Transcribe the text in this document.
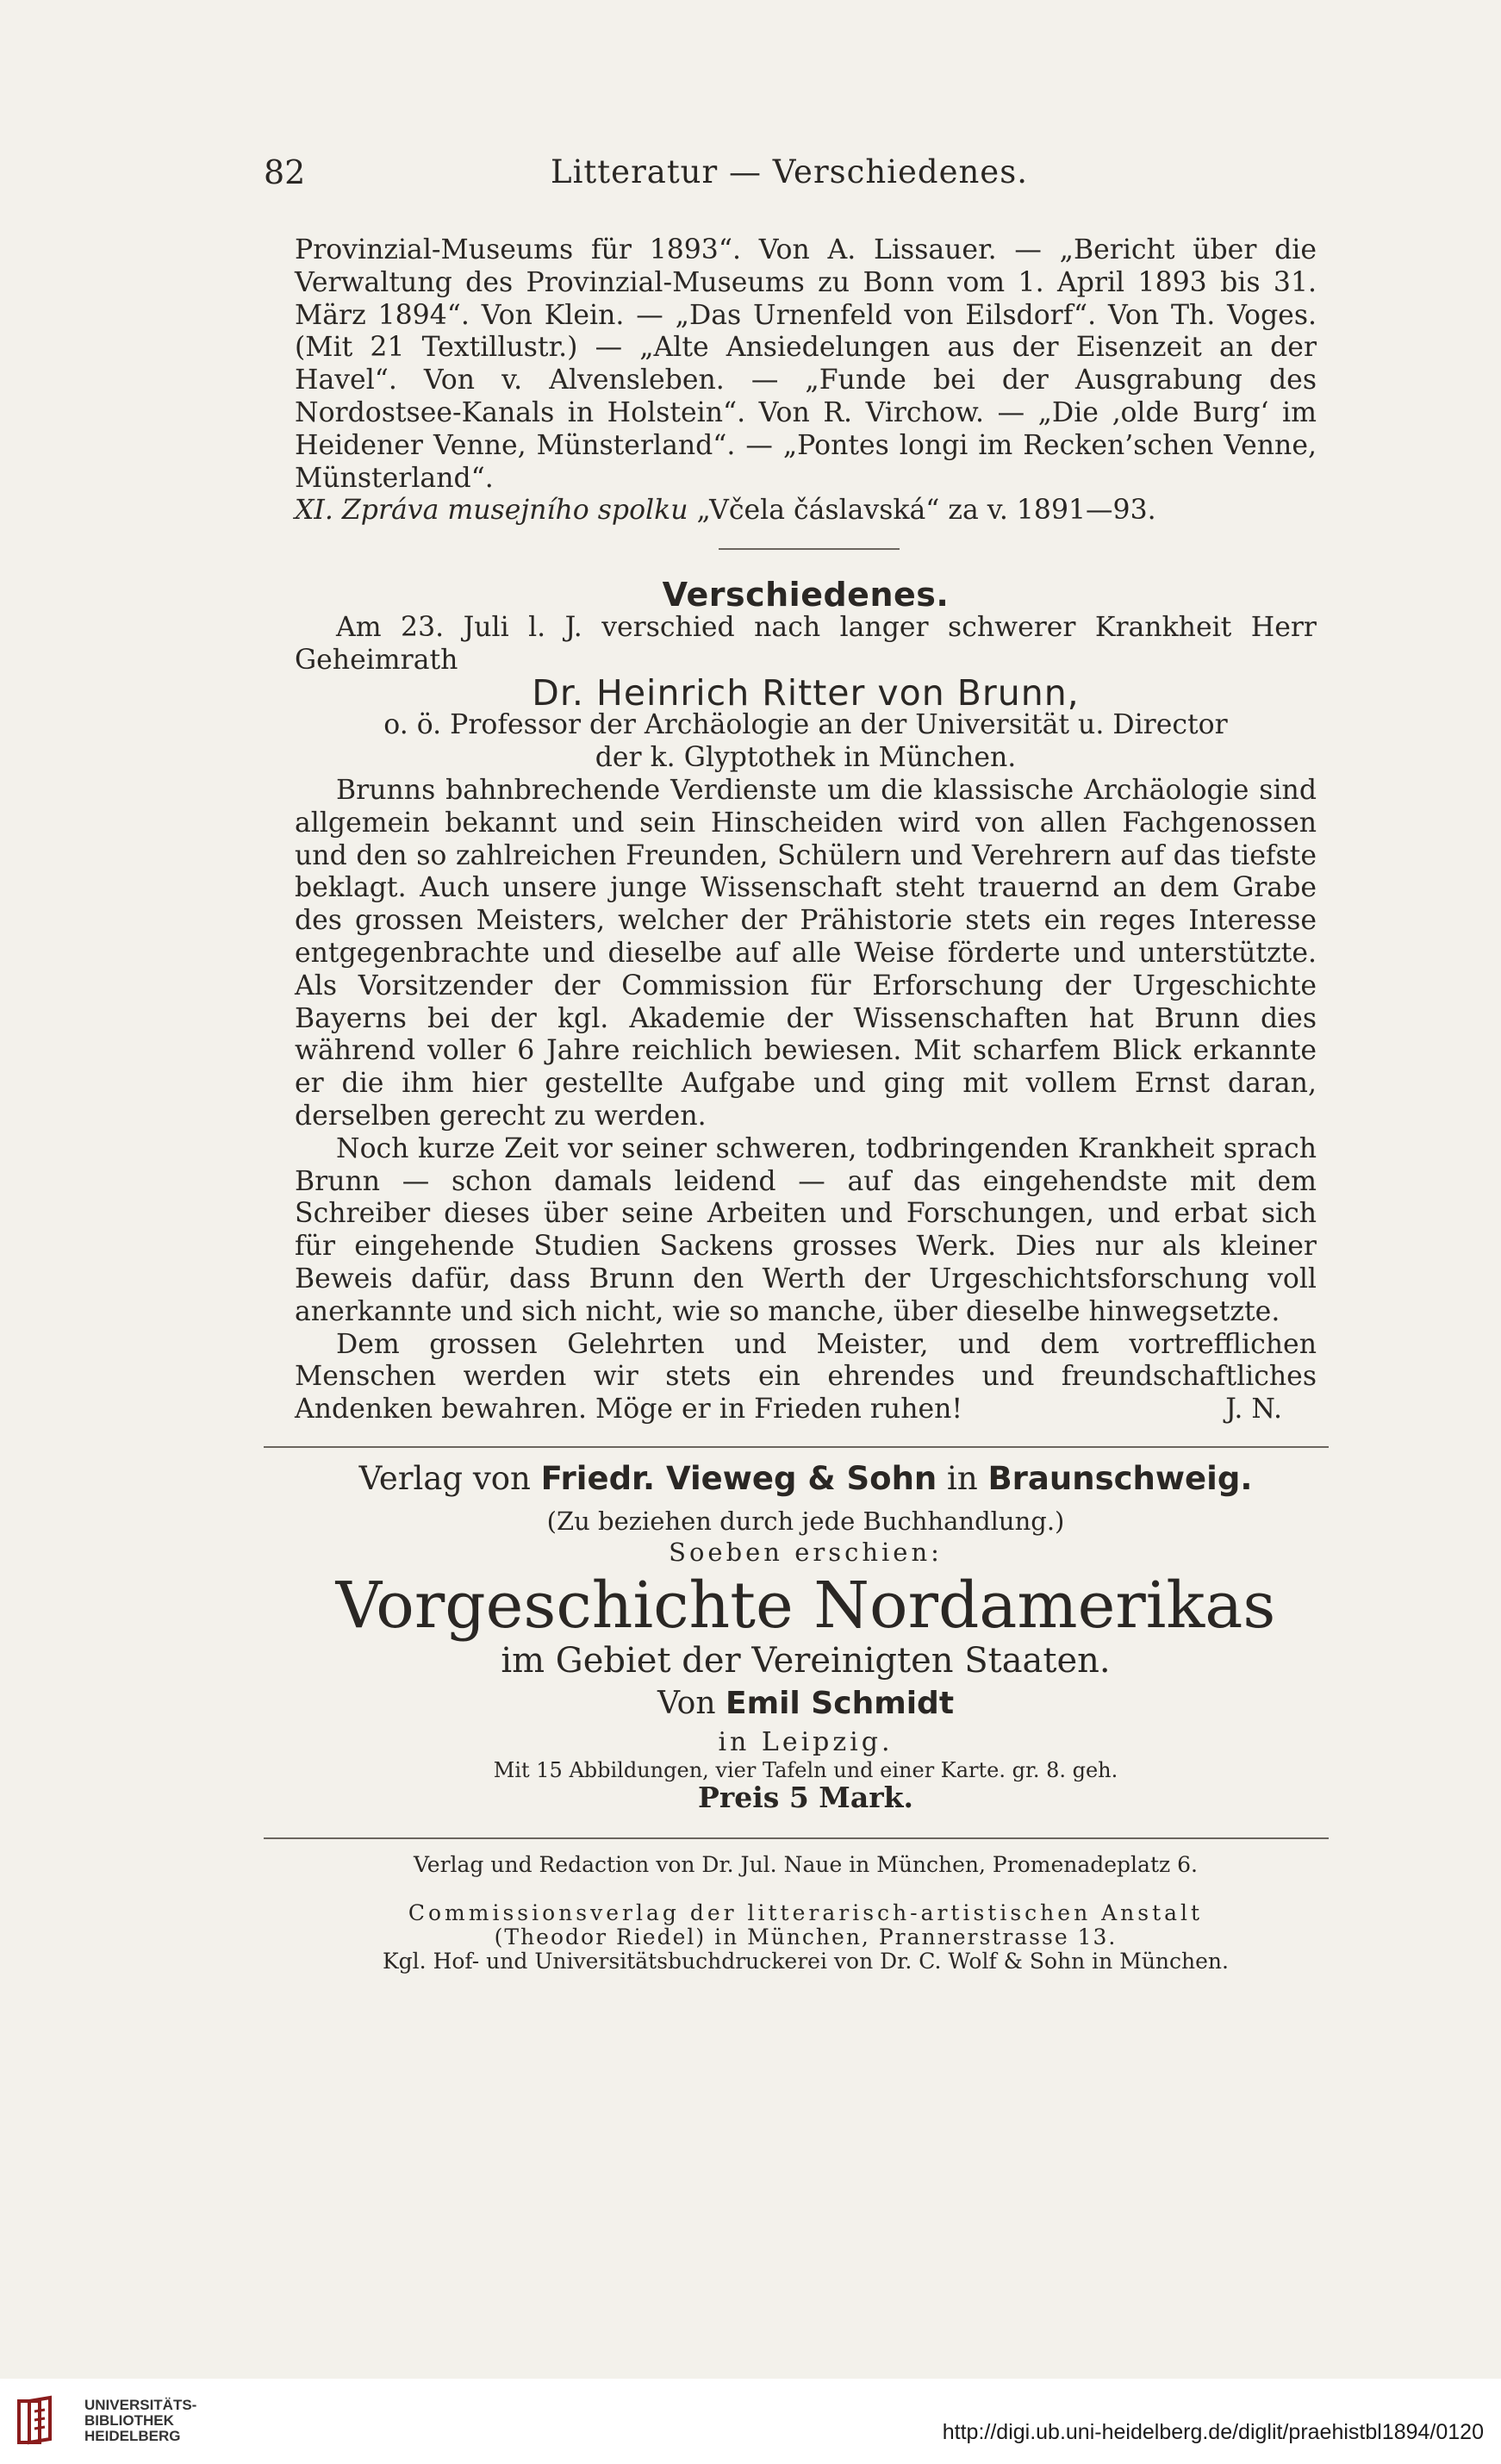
82	Litteratur — Verschiedenes.

Provinzial-Museums für 1893“. Von A. Lissauer. — „Bericht über die Verwaltung des Provinzial-Museums zu Bonn vom 1. April 1893 bis 31. März 1894“. Von Klein. — „Das Urnenfeld von Eilsdorf“. Von Th. Voges. (Mit 21 Textillustr.) — „Alte Ansiedelungen aus der Eisenzeit an der Havel“. Von v. Alvensleben. — „Funde bei der Ausgrabung des Nordostsee-Kanals in Holstein“. Von R. Virchow. — „Die ‚olde Burg‘ im Heidener Venne, Münsterland“. — „Pontes longi im Recken’schen Venne, Münsterland“.

XI. Zpráva musejního spolku „Včela čáslavská“ za v. 1891—93.

Verschiedenes.

Am 23. Juli l. J. verschied nach langer schwerer Krankheit Herr Geheimrath

Dr. Heinrich Ritter von Brunn,
o. ö. Professor der Archäologie an der Universität u. Director
der k. Glyptothek in München.

Brunns bahnbrechende Verdienste um die klassische Archäologie sind allgemein bekannt und sein Hinscheiden wird von allen Fachgenossen und den so zahlreichen Freunden, Schülern und Verehrern auf das tiefste beklagt. Auch unsere junge Wissenschaft steht trauernd an dem Grabe des grossen Meisters, welcher der Prähistorie stets ein reges Interesse entgegenbrachte und dieselbe auf alle Weise förderte und unterstützte. Als Vorsitzender der Commission für Erforschung der Urgeschichte Bayerns bei der kgl. Akademie der Wissenschaften hat Brunn dies während voller 6 Jahre reichlich bewiesen. Mit scharfem Blick erkannte er die ihm hier gestellte Aufgabe und ging mit vollem Ernst daran, derselben gerecht zu werden.

Noch kurze Zeit vor seiner schweren, todbringenden Krankheit sprach Brunn — schon damals leidend — auf das eingehendste mit dem Schreiber dieses über seine Arbeiten und Forschungen, und erbat sich für eingehende Studien Sackens grosses Werk. Dies nur als kleiner Beweis dafür, dass Brunn den Werth der Urgeschichtsforschung voll anerkannte und sich nicht, wie so manche, über dieselbe hinwegsetzte.

Dem grossen Gelehrten und Meister, und dem vortrefflichen Menschen werden wir stets ein ehrendes und freundschaftliches Andenken bewahren. Möge er in Frieden ruhen!	J. N.

Verlag von Friedr. Vieweg & Sohn in Braunschweig.
(Zu beziehen durch jede Buchhandlung.)
Soeben erschien:
Vorgeschichte Nordamerikas
im Gebiet der Vereinigten Staaten.
Von Emil Schmidt
in Leipzig.
Mit 15 Abbildungen, vier Tafeln und einer Karte. gr. 8. geh.
Preis 5 Mark.
Verlag und Redaction von Dr. Jul. Naue in München, Promenadeplatz 6.
Commissionsverlag der litterarisch-artistischen Anstalt
(Theodor Riedel) in München, Prannerstrasse 13.
Kgl. Hof- und Universitätsbuchdruckerei von Dr. C. Wolf & Sohn in München.
UNIVERSITÄTS-
BIBLIOTHEK
HEIDELBERG	http://digi.ub.uni-heidelberg.de/diglit/praehistbl1894/0120
